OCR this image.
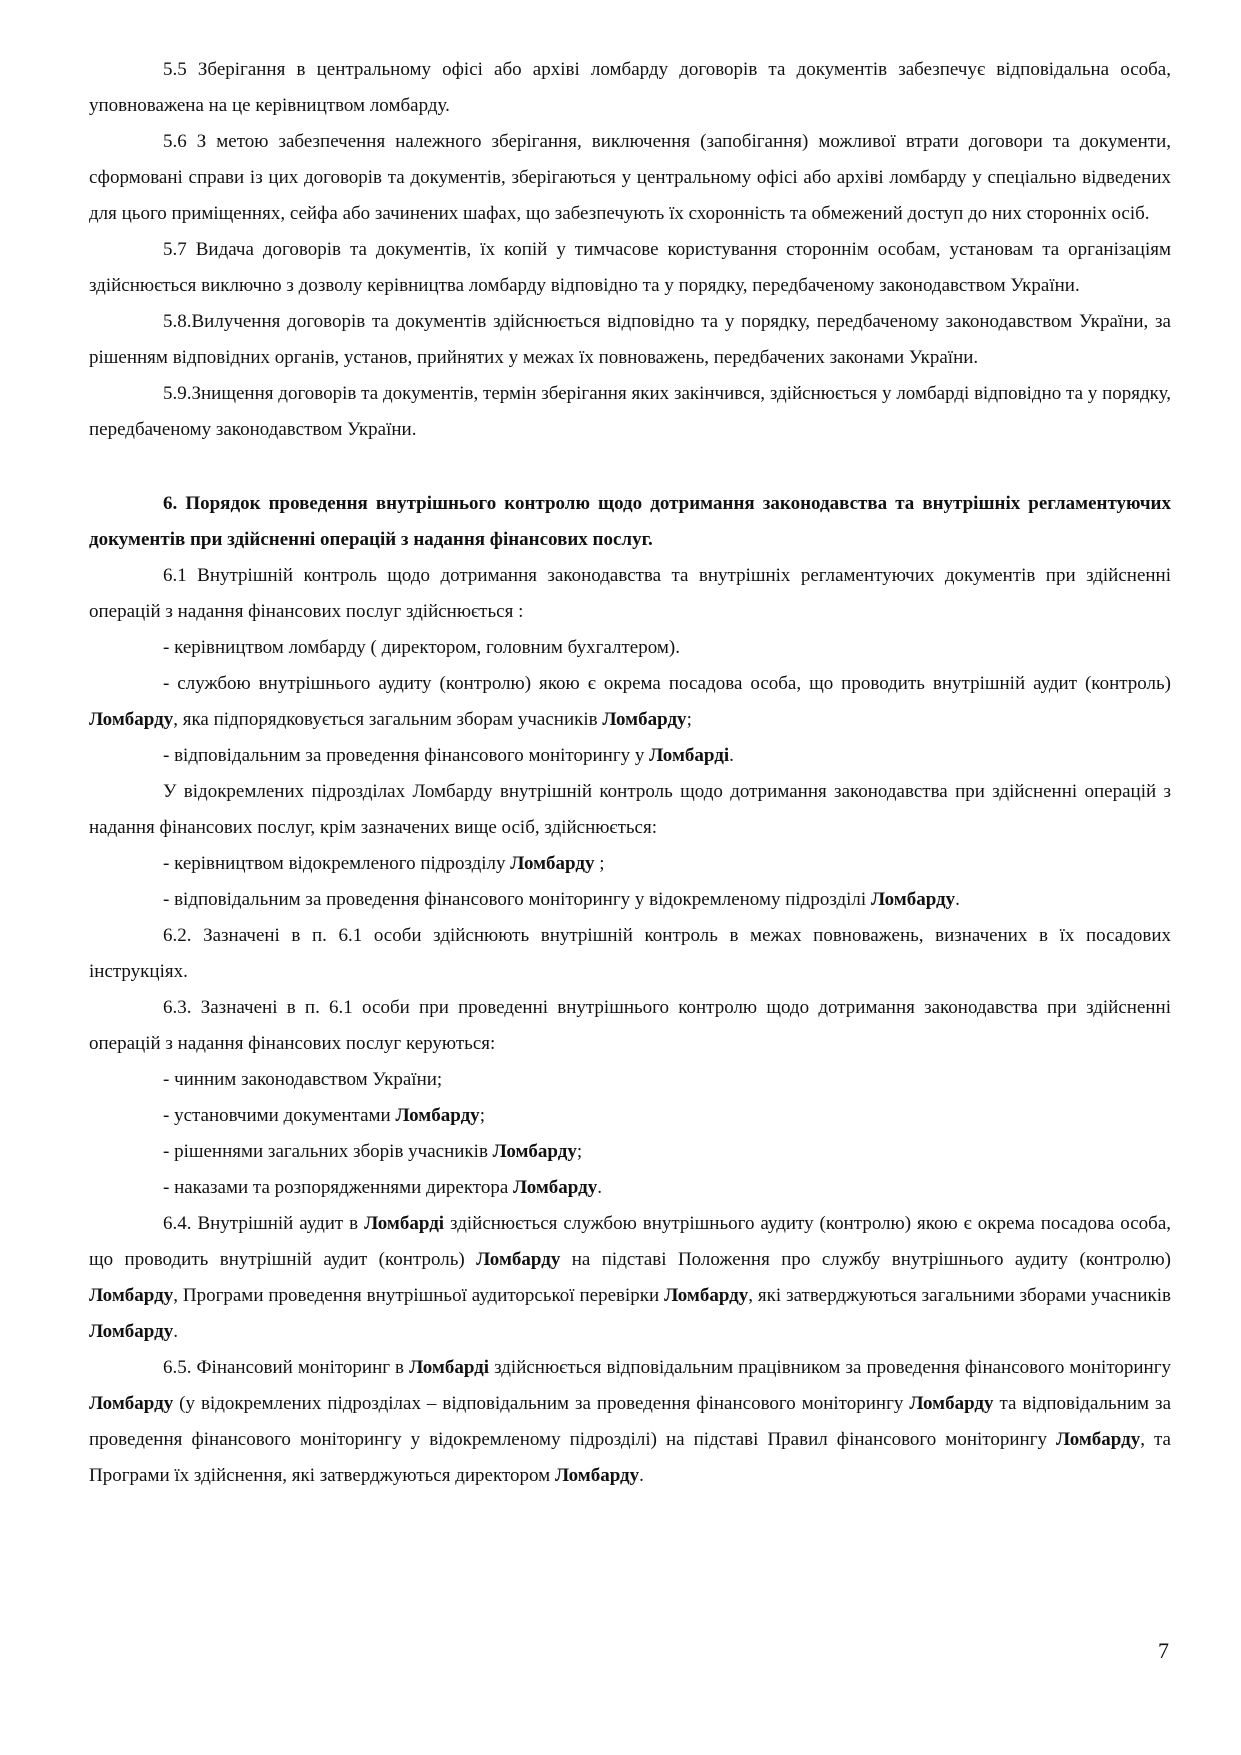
5.5 Зберігання в центральному офісі або архіві ломбарду договорів та документів забезпечує відповідальна особа, уповноважена на це керівництвом ломбарду.

5.6 З метою забезпечення належного зберігання, виключення (запобігання) можливої втрати договори та документи, сформовані справи із цих договорів та документів, зберігаються у центральному офісі або архіві ломбарду у спеціально відведених для цього приміщеннях, сейфа або зачинених шафах, що забезпечують їх схоронність та обмежений доступ до них сторонніх осіб.

5.7 Видача договорів та документів, їх копій у тимчасове користування стороннім особам, установам та організаціям здійснюється виключно з дозволу керівництва ломбарду відповідно та у порядку, передбаченому законодавством України.

5.8.Вилучення договорів та документів здійснюється відповідно та у порядку, передбаченому законодавством України, за рішенням відповідних органів, установ, прийнятих у межах їх повноважень, передбачених законами України.

5.9.Знищення договорів та документів, термін зберігання яких закінчився, здійснюється у ломбарді відповідно та у порядку, передбаченому законодавством України.

6. Порядок проведення внутрішнього контролю щодо дотримання законодавства та внутрішніх регламентуючих документів при здійсненні операцій з надання фінансових послуг.

6.1 Внутрішній контроль щодо дотримання законодавства та внутрішніх регламентуючих документів при здійсненні операцій з надання фінансових послуг здійснюється :

- керівництвом ломбарду ( директором, головним бухгалтером).

- службою внутрішнього аудиту (контролю) якою є окрема посадова особа, що проводить внутрішній аудит (контроль) Ломбарду, яка підпорядковується загальним зборам учасників Ломбарду;

- відповідальним за проведення фінансового моніторингу у Ломбарді.

У відокремлених підрозділах Ломбарду внутрішній контроль щодо дотримання законодавства при здійсненні операцій з надання фінансових послуг, крім зазначених вище осіб, здійснюється:

- керівництвом відокремленого підрозділу Ломбарду ;

- відповідальним за проведення фінансового моніторингу у відокремленому підрозділі Ломбарду.

6.2. Зазначені в п. 6.1 особи здійснюють внутрішній контроль в межах повноважень, визначених в їх посадових інструкціях.

6.3. Зазначені в п. 6.1 особи при проведенні внутрішнього контролю щодо дотримання законодавства при здійсненні операцій з надання фінансових послуг керуються:

- чинним законодавством України;

- установчими документами Ломбарду;

- рішеннями загальних зборів учасників Ломбарду;

- наказами та розпорядженнями директора Ломбарду.

6.4. Внутрішній аудит в Ломбарді здійснюється службою внутрішнього аудиту (контролю) якою є окрема посадова особа, що проводить внутрішній аудит (контроль) Ломбарду на підставі Положення про службу внутрішнього аудиту (контролю) Ломбарду, Програми проведення внутрішньої аудиторської перевірки Ломбарду, які затверджуються загальними зборами учасників Ломбарду.

6.5. Фінансовий моніторинг в Ломбарді здійснюється відповідальним працівником за проведення фінансового моніторингу Ломбарду (у відокремлених підрозділах – відповідальним за проведення фінансового моніторингу Ломбарду та відповідальним за проведення фінансового моніторингу у відокремленому підрозділі) на підставі Правил фінансового моніторингу Ломбарду, та Програми їх здійснення, які затверджуються директором Ломбарду.

7
